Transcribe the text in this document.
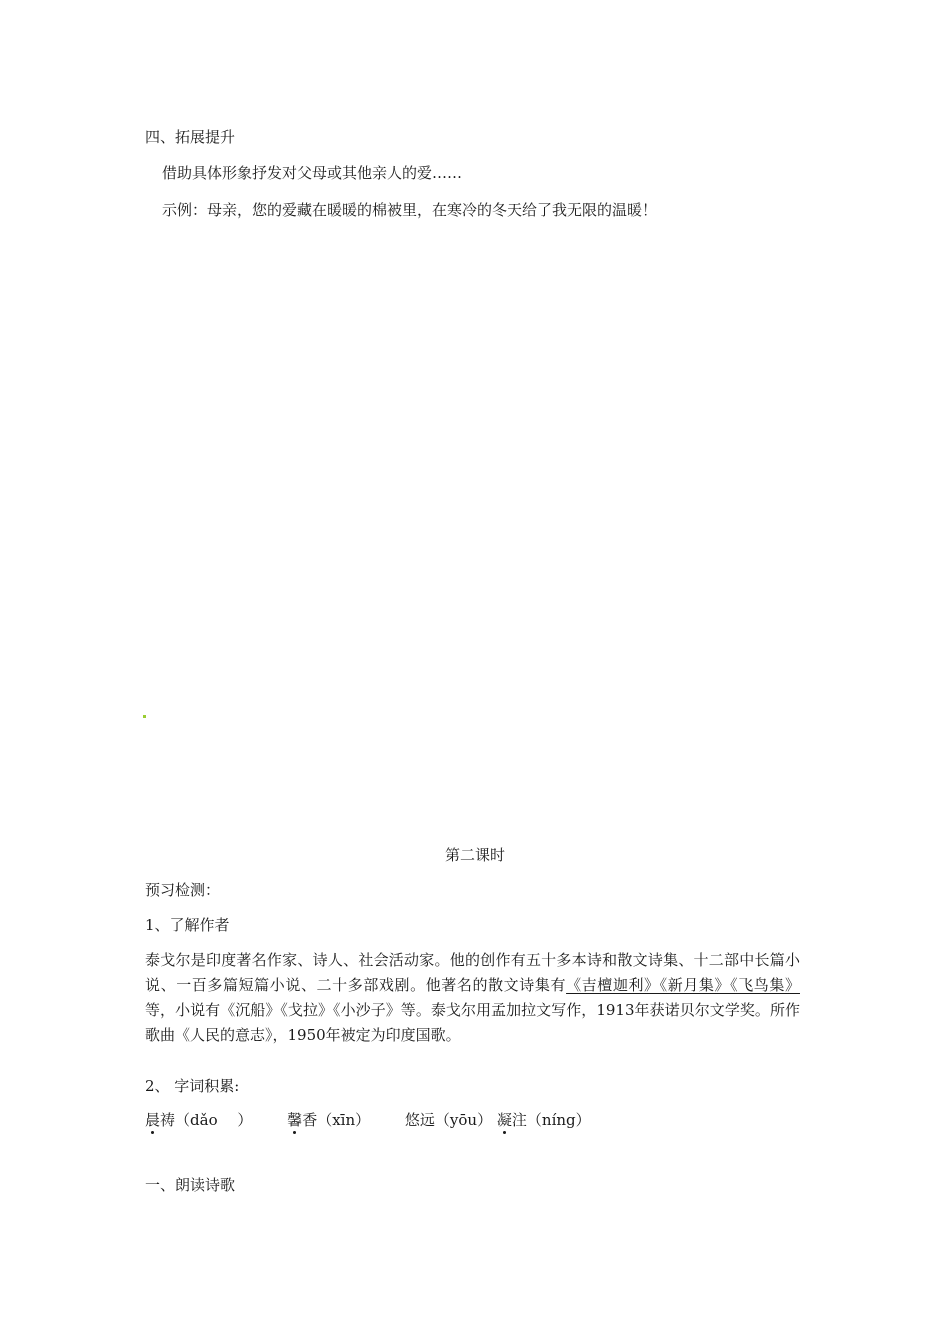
四、拓展提升
借助具体形象抒发对父母或其他亲人的爱……
示例：母亲，您的爱藏在暖暖的棉被里，在寒冷的冬天给了我无限的温暖！
第二课时
预习检测：
1、了解作者
泰戈尔是印度著名作家、诗人、社会活动家。他的创作有五十多本诗和散文诗集、十二部中长篇小说、一百多篇短篇小说、二十多部戏剧。他著名的散文诗集有《吉檀迦利》《新月集》《飞鸟集》等，小说有《沉船》《戈拉》《小沙子》等。泰戈尔用孟加拉文写作，1913年获诺贝尔文学奖。所作歌曲《人民的意志》，1950年被定为印度国歌。
2、 字词积累:
晨祷（dǎo　 ） 馨香（xīn） 悠远（yōu） 凝注（níng）
一、朗读诗歌
